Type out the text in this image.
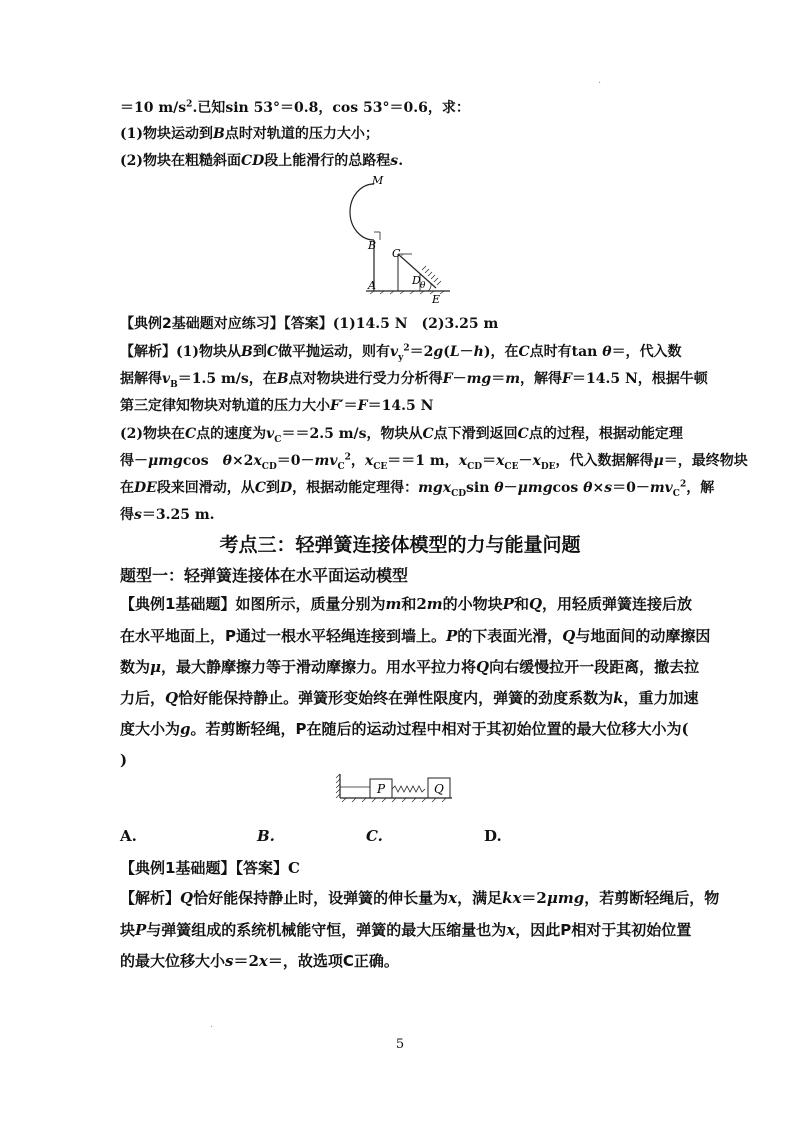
·
＝10 $m/s^2$.已知sin 53°＝0.8，cos 53°＝0.6，求：
(1)物块运动到B点时对轨道的压力大小；
(2)物块在粗糙斜面CD段上能滑行的总路程s.
【典例2基础题对应练习】【答案】(1)14.5 N　(2)3.25 m
【解析】(1)物块从B到C做平抛运动，则有$v_y^2=2g(L-h)$，在C点时有tan θ＝，代入数
据解得$v_B=1.5$ m/s，在B点对物块进行受力分析得F－mg＝m，解得F＝14.5 N，根据牛顿
第三定律知物块对轨道的压力大小F′＝F＝14.5 N
(2)物块在C点的速度为$v_C==2.5$ m/s，物块从C点下滑到返回C点的过程，根据动能定理
得－μmgcos　$\theta\times 2x_{CD}=0-mv_C^2$，$x_{CE}==1$ m，$x_{CD}=x_{CE}-x_{DE}$，代入数据解得μ＝，最终物块
在DE段来回滑动，从C到D，根据动能定理得：mgx$_{CD}$sin θ－μmgcos $\theta\times s=0-mv_C^2$，解
得s＝3.25 m.
【典例1基础题】如图所示，质量分别为m和2m的小物块P和Q，用轻质弹簧连接后放
在水平地面上，P通过一根水平轻绳连接到墙上。P的下表面光滑，Q与地面间的动摩擦因
数为μ，最大静摩擦力等于滑动摩擦力。用水平拉力将Q向右缓慢拉开一段距离，撤去拉
力后，Q恰好能保持静止。弹簧形变始终在弹性限度内，弹簧的劲度系数为k，重力加速
度大小为g。若剪断轻绳，P在随后的运动过程中相对于其初始位置的最大位移大小为(
)
【典例1基础题】【答案】C
【解析】Q恰好能保持静止时，设弹簧的伸长量为x，满足kx＝2μmg，若剪断轻绳后，物
块P与弹簧组成的系统机械能守恒，弹簧的最大压缩量也为x，因此P相对于其初始位置
的最大位移大小s＝2x＝，故选项C正确。
M
B
C
D θ
A
E
考点三：轻弹簧连接体模型的力与能量问题
题型一：轻弹簧连接体在水平面运动模型
P	Q
A.	B.	C.	D.
·
5
